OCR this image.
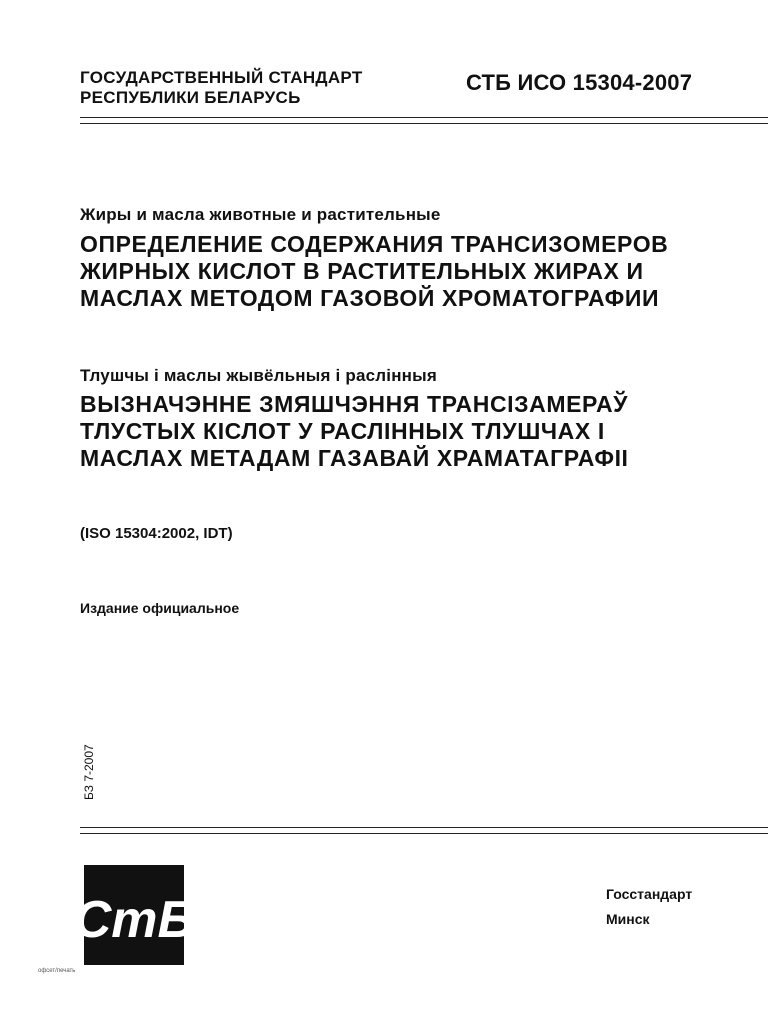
ГОСУДАРСТВЕННЫЙ СТАНДАРТ
РЕСПУБЛИКИ БЕЛАРУСЬ
СТБ ИСО 15304-2007
Жиры и масла животные и растительные
ОПРЕДЕЛЕНИЕ СОДЕРЖАНИЯ ТРАНСИЗОМЕРОВ
ЖИРНЫХ КИСЛОТ В РАСТИТЕЛЬНЫХ ЖИРАХ И
МАСЛАХ МЕТОДОМ ГАЗОВОЙ ХРОМАТОГРАФИИ
Тлушчы і маслы жывёльныя і раслінныя
ВЫЗНАЧЭННЕ ЗМЯШЧЭННЯ ТРАНСІЗАМЕРАЎ
ТЛУСТЫХ КІСЛОТ У РАСЛІННЫХ ТЛУШЧАХ І
МАСЛАХ МЕТАДАМ ГАЗАВАЙ ХРАМАТАГРАФІІ
(ISO 15304:2002, IDT)
Издание официальное
БЗ 7-2007
СтБ	Госстандарт
Минск
офсет/печать
